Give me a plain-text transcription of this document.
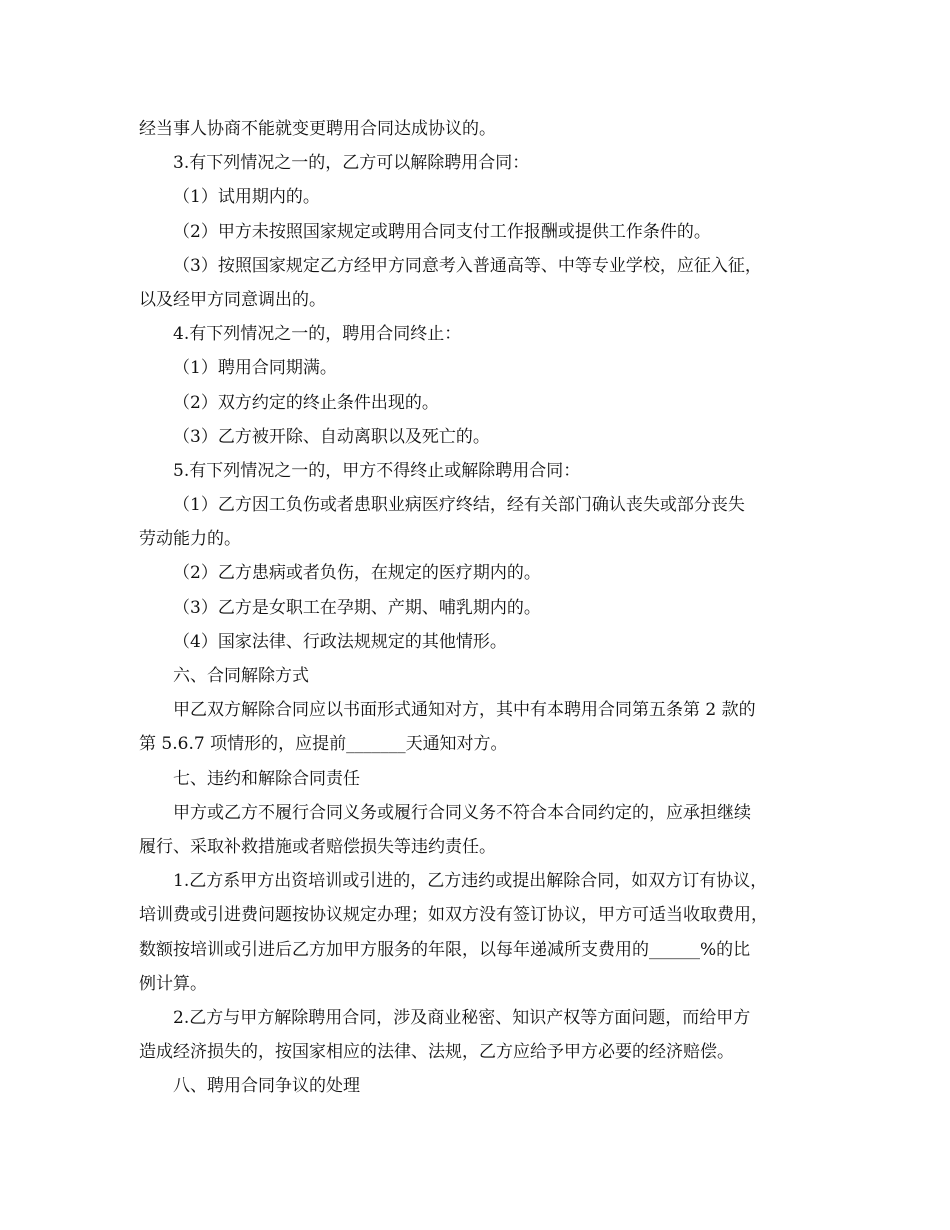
经当事人协商不能就变更聘用合同达成协议的。
3.有下列情况之一的，乙方可以解除聘用合同：
（1）试用期内的。
（2）甲方未按照国家规定或聘用合同支付工作报酬或提供工作条件的。
（3）按照国家规定乙方经甲方同意考入普通高等、中等专业学校，应征入征，
以及经甲方同意调出的。
4.有下列情况之一的，聘用合同终止：
（1）聘用合同期满。
（2）双方约定的终止条件出现的。
（3）乙方被开除、自动离职以及死亡的。
5.有下列情况之一的，甲方不得终止或解除聘用合同：
（1）乙方因工负伤或者患职业病医疗终结，经有关部门确认丧失或部分丧失
劳动能力的。
（2）乙方患病或者负伤，在规定的医疗期内的。
（3）乙方是女职工在孕期、产期、哺乳期内的。
（4）国家法律、行政法规规定的其他情形。
六、合同解除方式
甲乙双方解除合同应以书面形式通知对方，其中有本聘用合同第五条第 2 款的
第 5.6.7 项情形的，应提前_______天通知对方。
七、违约和解除合同责任
甲方或乙方不履行合同义务或履行合同义务不符合本合同约定的，应承担继续
履行、采取补救措施或者赔偿损失等违约责任。
1.乙方系甲方出资培训或引进的，乙方违约或提出解除合同，如双方订有协议，
培训费或引进费问题按协议规定办理；如双方没有签订协议，甲方可适当收取费用，
数额按培训或引进后乙方加甲方服务的年限，以每年递减所支费用的______%的比
例计算。
2.乙方与甲方解除聘用合同，涉及商业秘密、知识产权等方面问题，而给甲方
造成经济损失的，按国家相应的法律、法规，乙方应给予甲方必要的经济赔偿。
八、聘用合同争议的处理
